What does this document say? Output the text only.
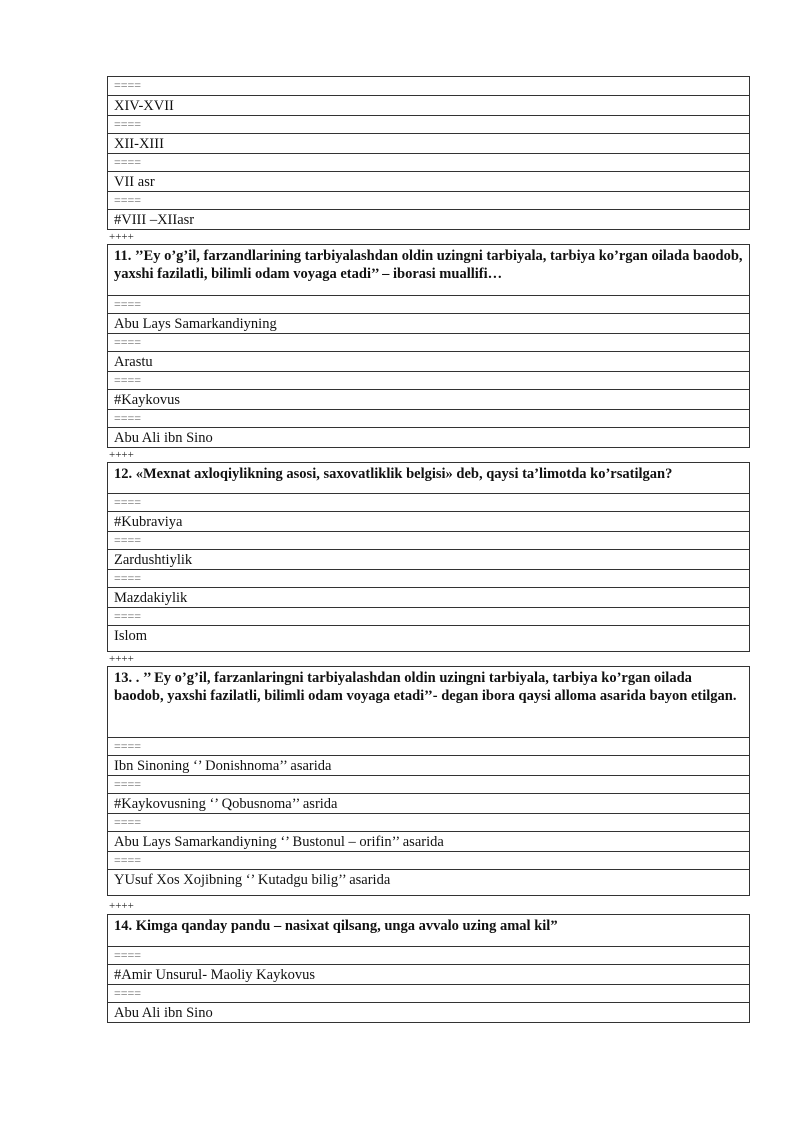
====
XIV-XVII
====
XII-XIII
====
VII asr
====
#VIII –XIIasr
++++
11. ’’Ey o’g’il, farzandlarining tarbiyalashdan oldin uzingni tarbiyala, tarbiya ko’rgan oilada baodob, yaxshi fazilatli, bilimli odam voyaga etadi’’ – iborasi muallifi…
====
Abu Lays Samarkandiyning
====
Arastu
====
#Kaykovus
====
Abu Ali ibn Sino
++++
12. «Mexnat axloqiylikning asosi, saxovatliklik belgisi» deb, qaysi ta’limotda ko’rsatilgan?
====
#Kubraviya
====
Zardushtiylik
====
Mazdakiylik
====
Islom
++++
13. . ’’ Ey o’g’il, farzanlaringni tarbiyalashdan oldin uzingni tarbiyala, tarbiya ko’rgan oilada baodob, yaxshi fazilatli, bilimli odam voyaga etadi’’- degan ibora qaysi alloma asarida bayon etilgan.
====
Ibn Sinoning ‘’ Donishnoma’’ asarida
====
#Kaykovusning ‘’ Qobusnoma’’ asrida
====
Abu Lays Samarkandiyning ‘’ Bustonul – orifin’’ asarida
====
YUsuf Xos Xojibning ‘’ Kutadgu bilig’’ asarida
++++
14. Kimga qanday pandu – nasixat qilsang, unga avvalo uzing amal kil”
====
#Amir Unsurul- Maoliy Kaykovus
====
Abu Ali ibn Sino
